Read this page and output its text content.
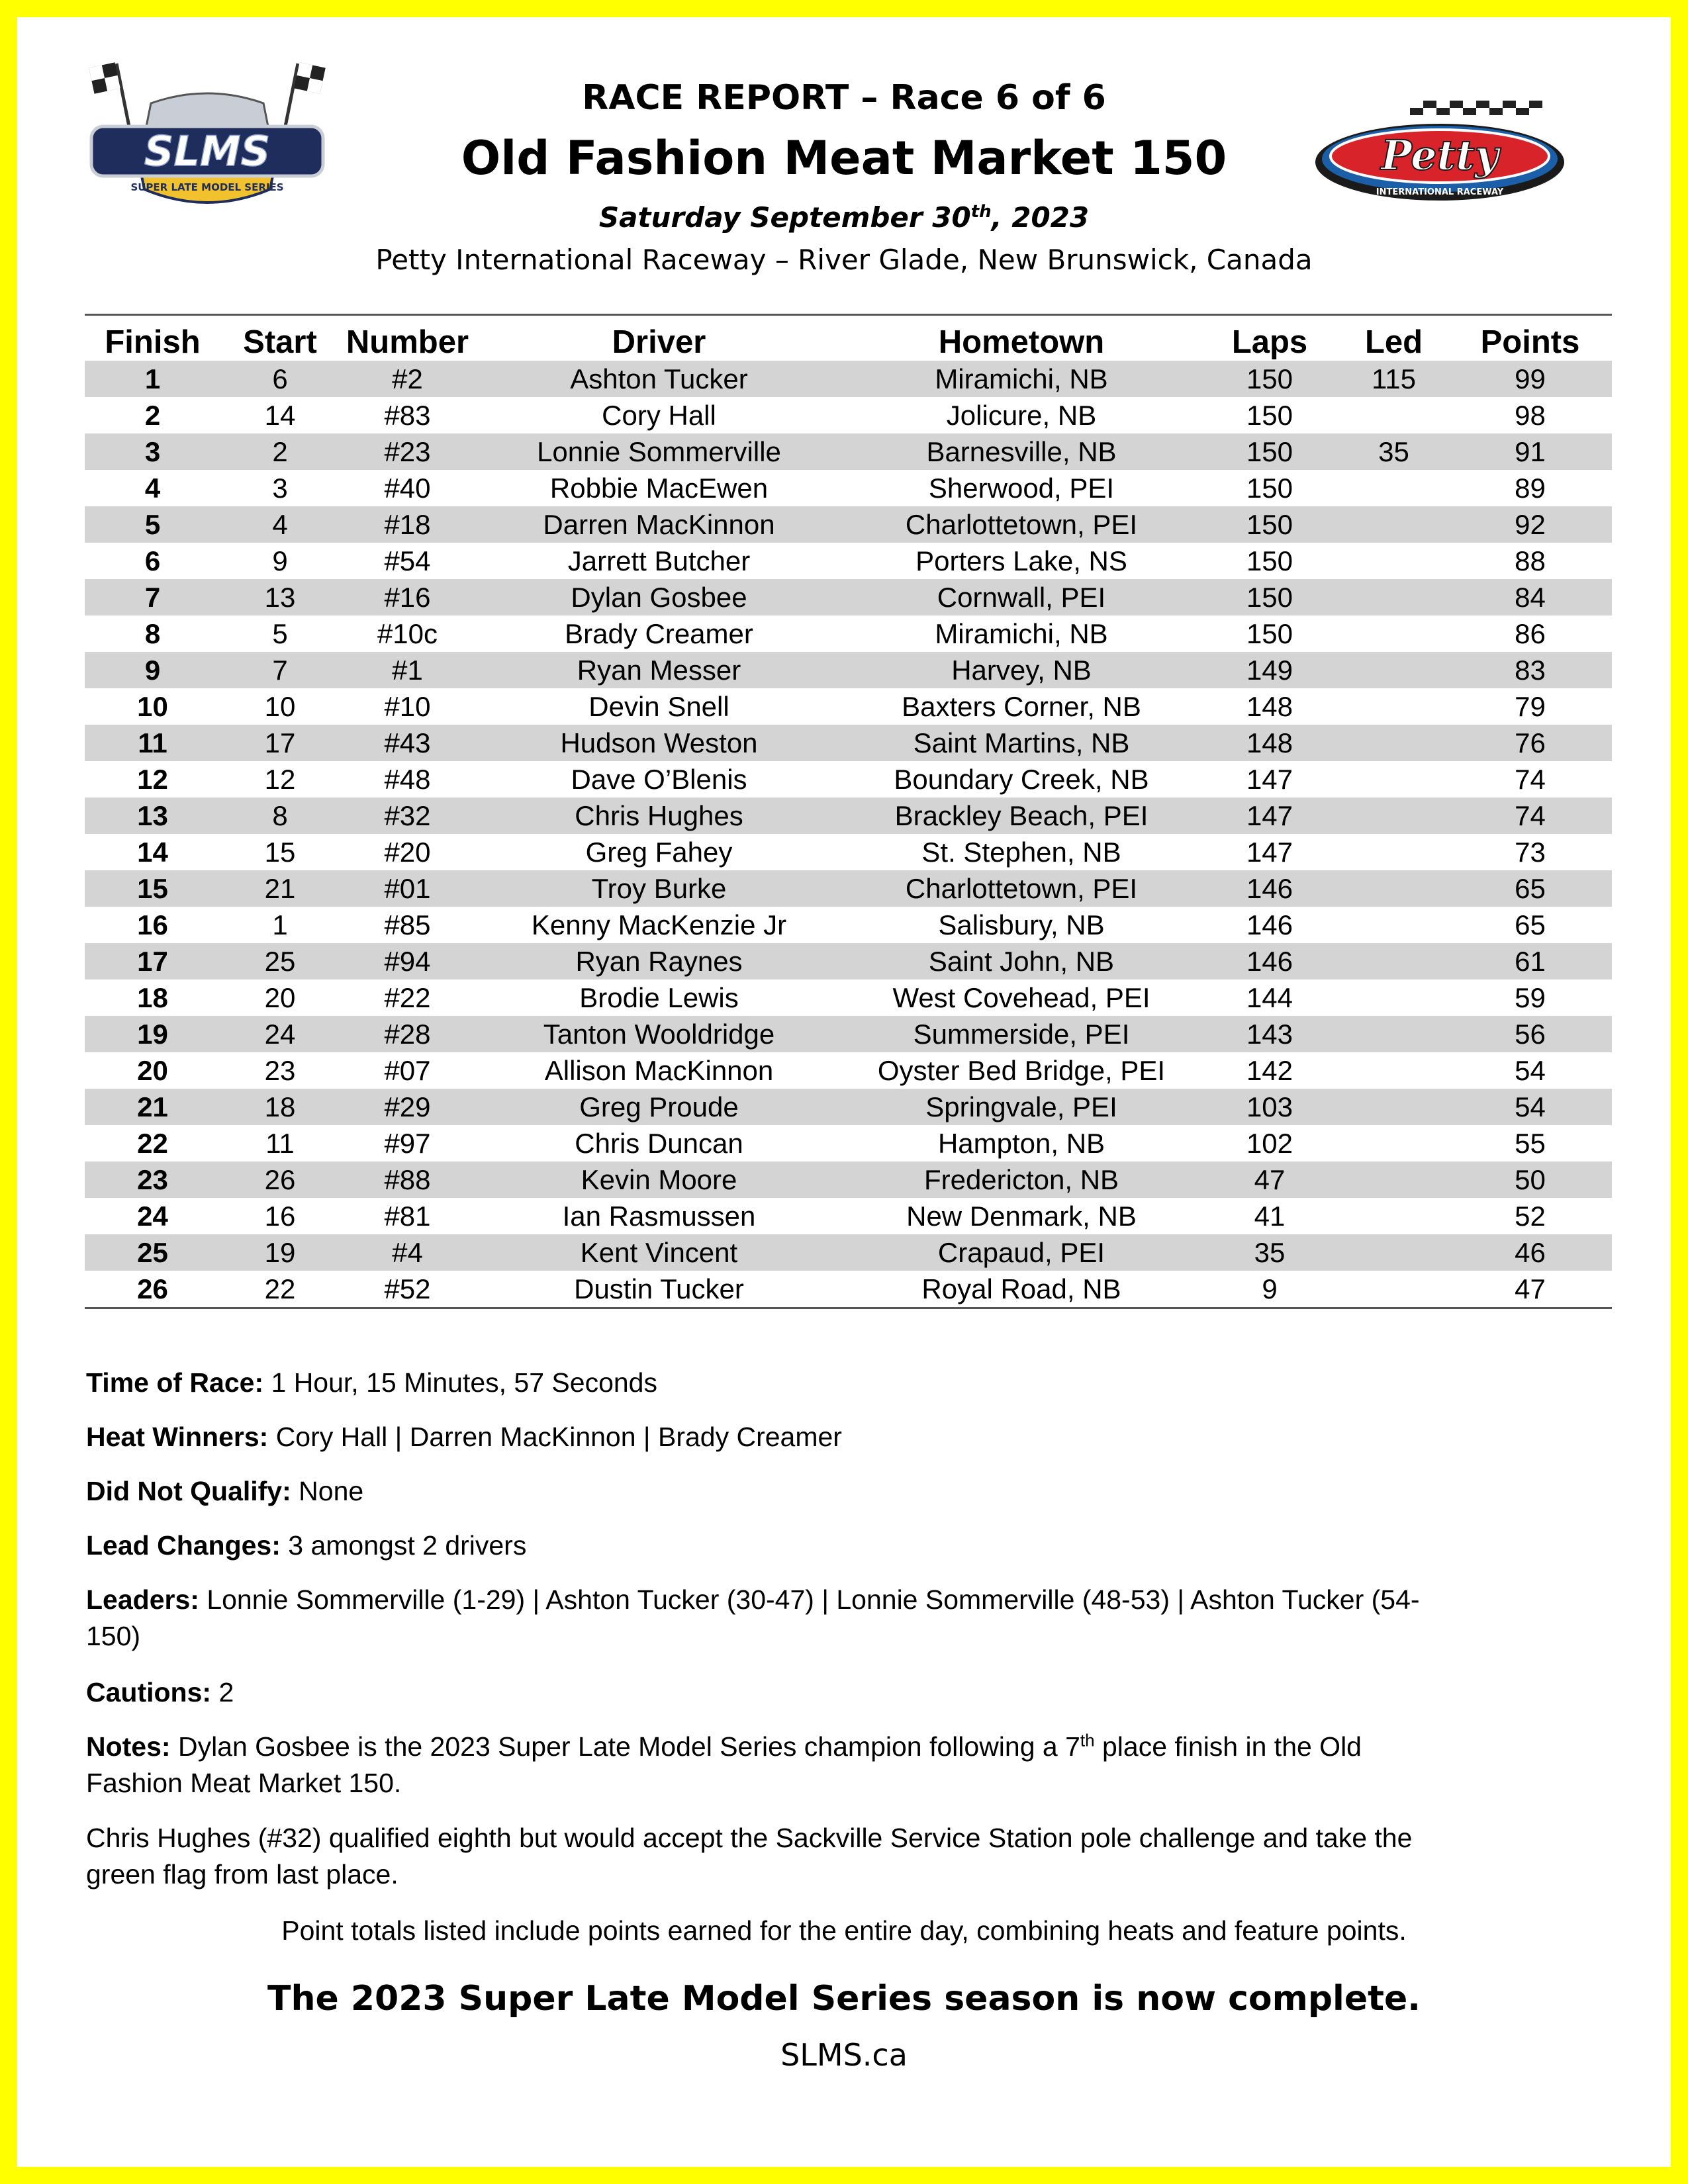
SLMS
SUPER LATE MODEL SERIES
Petty
INTERNATIONAL RACEWAY
RACE REPORT – Race 6 of 6
Old Fashion Meat Market 150
Saturday September 30th, 2023
Petty International Raceway – River Glade, New Brunswick, Canada
Finish	Start	Number	Driver	Hometown	Laps	Led	Points
1	6	#2	Ashton Tucker	Miramichi, NB	150	115	99
2	14	#83	Cory Hall	Jolicure, NB	150		98
3	2	#23	Lonnie Sommerville	Barnesville, NB	150	35	91
4	3	#40	Robbie MacEwen	Sherwood, PEI	150		89
5	4	#18	Darren MacKinnon	Charlottetown, PEI	150		92
6	9	#54	Jarrett Butcher	Porters Lake, NS	150		88
7	13	#16	Dylan Gosbee	Cornwall, PEI	150		84
8	5	#10c	Brady Creamer	Miramichi, NB	150		86
9	7	#1	Ryan Messer	Harvey, NB	149		83
10	10	#10	Devin Snell	Baxters Corner, NB	148		79
11	17	#43	Hudson Weston	Saint Martins, NB	148		76
12	12	#48	Dave O’Blenis	Boundary Creek, NB	147		74
13	8	#32	Chris Hughes	Brackley Beach, PEI	147		74
14	15	#20	Greg Fahey	St. Stephen, NB	147		73
15	21	#01	Troy Burke	Charlottetown, PEI	146		65
16	1	#85	Kenny MacKenzie Jr	Salisbury, NB	146		65
17	25	#94	Ryan Raynes	Saint John, NB	146		61
18	20	#22	Brodie Lewis	West Covehead, PEI	144		59
19	24	#28	Tanton Wooldridge	Summerside, PEI	143		56
20	23	#07	Allison MacKinnon	Oyster Bed Bridge, PEI	142		54
21	18	#29	Greg Proude	Springvale, PEI	103		54
22	11	#97	Chris Duncan	Hampton, NB	102		55
23	26	#88	Kevin Moore	Fredericton, NB	47		50
24	16	#81	Ian Rasmussen	New Denmark, NB	41		52
25	19	#4	Kent Vincent	Crapaud, PEI	35		46
26	22	#52	Dustin Tucker	Royal Road, NB	9		47
Time of Race: 1 Hour, 15 Minutes, 57 Seconds
Heat Winners: Cory Hall | Darren MacKinnon | Brady Creamer
Did Not Qualify: None
Lead Changes: 3 amongst 2 drivers
Leaders: Lonnie Sommerville (1-29) | Ashton Tucker (30-47) | Lonnie Sommerville (48-53) | Ashton Tucker (54-
150)
Cautions: 2
Notes: Dylan Gosbee is the 2023 Super Late Model Series champion following a 7th place finish in the Old
Fashion Meat Market 150.
Chris Hughes (#32) qualified eighth but would accept the Sackville Service Station pole challenge and take the
green flag from last place.
Point totals listed include points earned for the entire day, combining heats and feature points.
The 2023 Super Late Model Series season is now complete.
SLMS.ca
